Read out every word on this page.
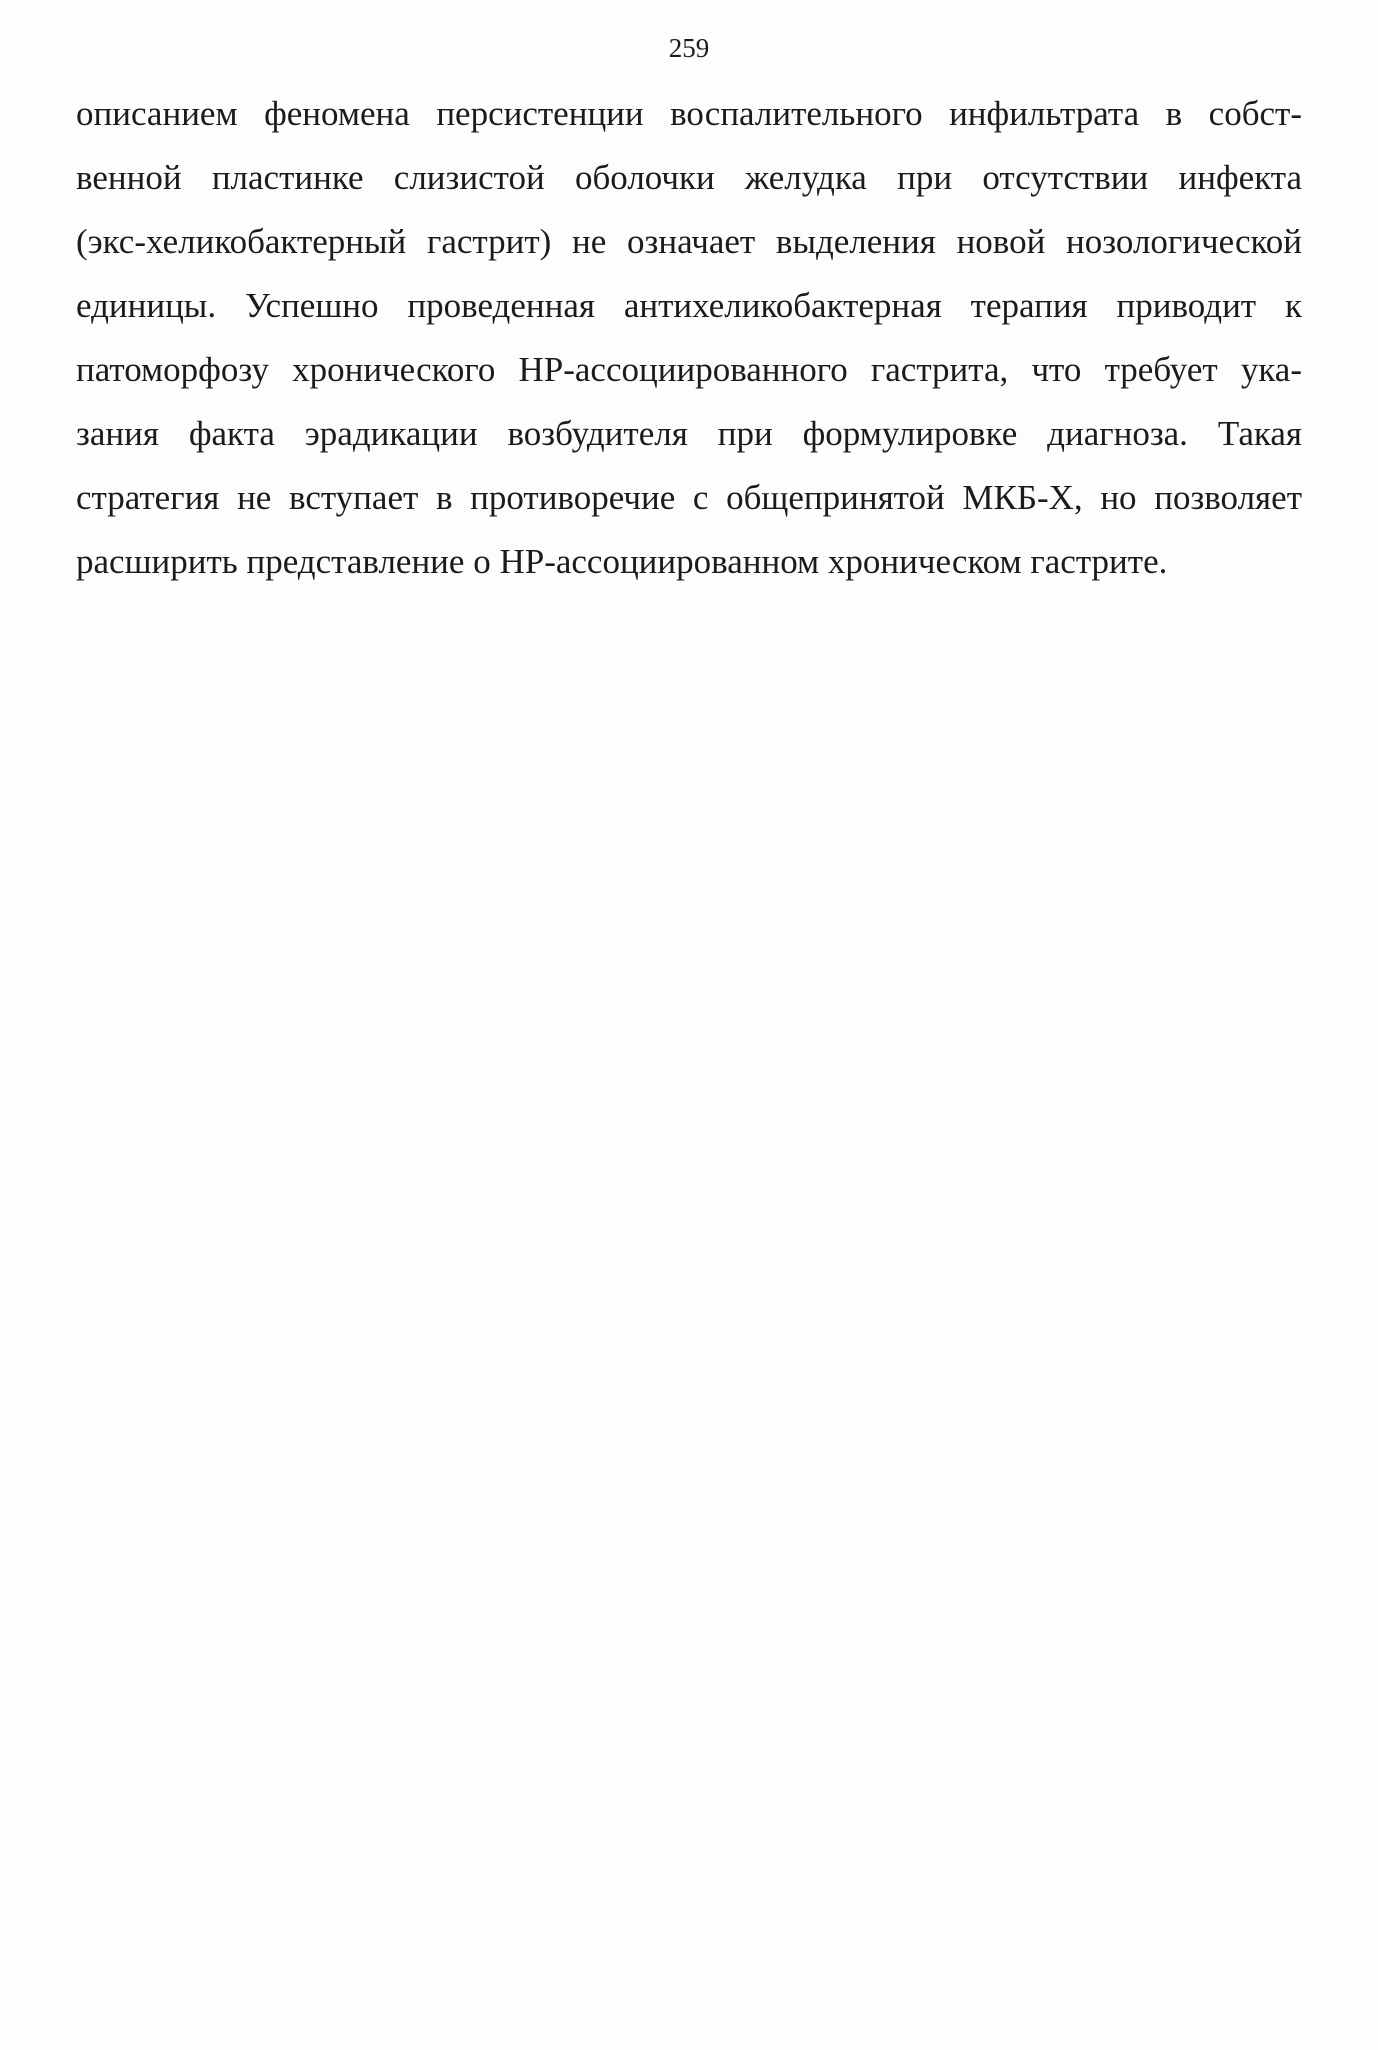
259
описанием феномена персистенции воспалительного инфильтрата в собст-
венной пластинке слизистой оболочки желудка при отсутствии инфекта
(экс-хеликобактерный гастрит) не означает выделения новой нозологической
единицы. Успешно проведенная антихеликобактерная терапия приводит к
патоморфозу хронического HP-ассоциированного гастрита, что требует ука-
зания факта эрадикации возбудителя при формулировке диагноза. Такая
стратегия не вступает в противоречие с общепринятой МКБ-X, но позволяет
расширить представление о HP-ассоциированном хроническом гастрите.
